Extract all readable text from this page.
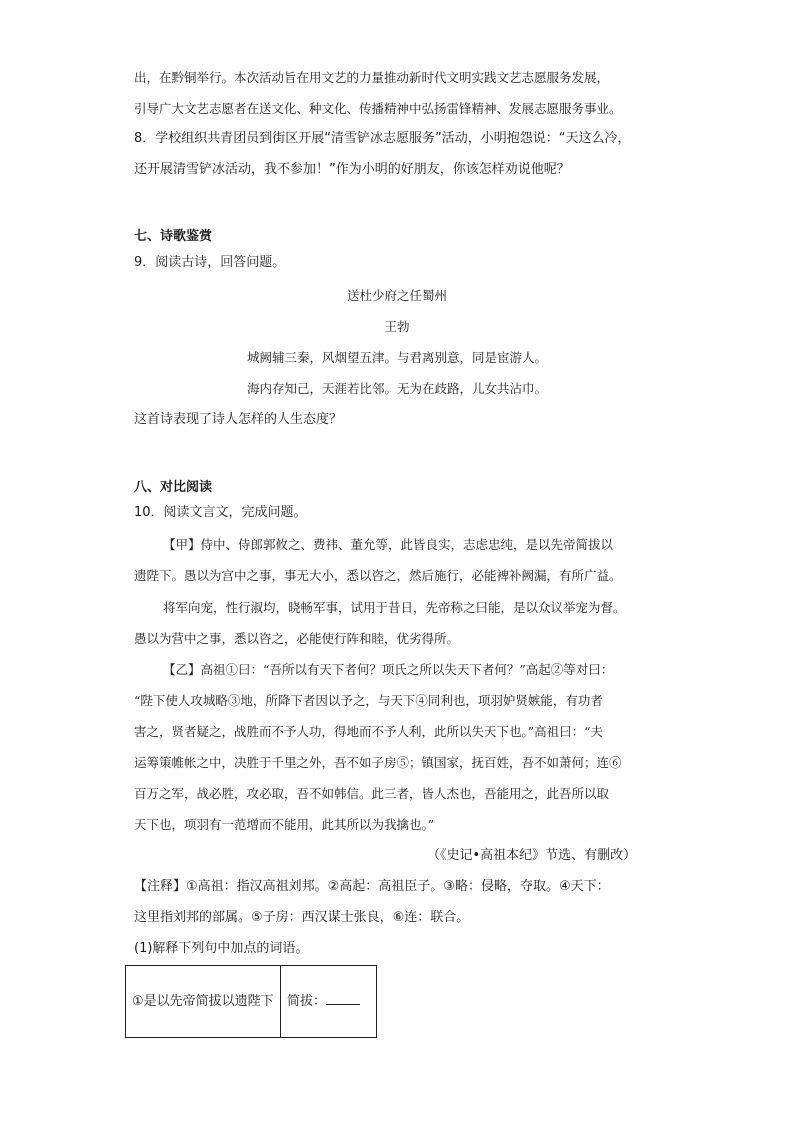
出，在黔铜举行。本次活动旨在用文艺的力量推动新时代文明实践文艺志愿服务发展，
引导广大文艺志愿者在送文化、种文化、传播精神中弘扬雷锋精神、发展志愿服务事业。
8．学校组织共青团员到街区开展“清雪铲冰志愿服务”活动，小明抱怨说：“天这么冷，
还开展清雪铲冰活动，我不参加！”作为小明的好朋友，你该怎样劝说他呢？
七、诗歌鉴赏
9．阅读古诗，回答问题。
送杜少府之任蜀州
王勃
城阙辅三秦，风烟望五津。与君离别意，同是宦游人。
海内存知己，天涯若比邻。无为在歧路，儿女共沾巾。
这首诗表现了诗人怎样的人生态度？
八、对比阅读
10．阅读文言文，完成问题。
【甲】侍中、侍郎郭攸之、费祎、董允等，此皆良实，志虑忠纯，是以先帝简拔以
遗陛下。愚以为宫中之事，事无大小，悉以咨之，然后施行，必能裨补阙漏，有所广益。
将军向宠，性行淑均，晓畅军事，试用于昔日，先帝称之曰能，是以众议举宠为督。
愚以为营中之事，悉以咨之，必能使行阵和睦，优劣得所。
【乙】高祖①曰：“吾所以有天下者何？项氏之所以失天下者何？”高起②等对曰：
“陛下使人攻城略③地，所降下者因以予之，与天下④同利也，项羽妒贤嫉能，有功者
害之，贤者疑之，战胜而不予人功，得地而不予人利，此所以失天下也。”高祖曰：“夫
运筹策帷帐之中，决胜于千里之外，吾不如子房⑤；镇国家，抚百姓，吾不如萧何；连⑥
百万之军，战必胜，攻必取，吾不如韩信。此三者，皆人杰也，吾能用之，此吾所以取
天下也，项羽有一范增而不能用，此其所以为我擒也。”
（《史记•高祖本纪》节选、有删改）
【注释】①高祖：指汉高祖刘邦。②高起：高祖臣子。③略：侵略，夺取。④天下：
这里指刘邦的部属。⑤子房：西汉谋士张良，⑥连：联合。
(1)解释下列句中加点的词语。
①是以先帝简拔以遗陛下	简拔：
